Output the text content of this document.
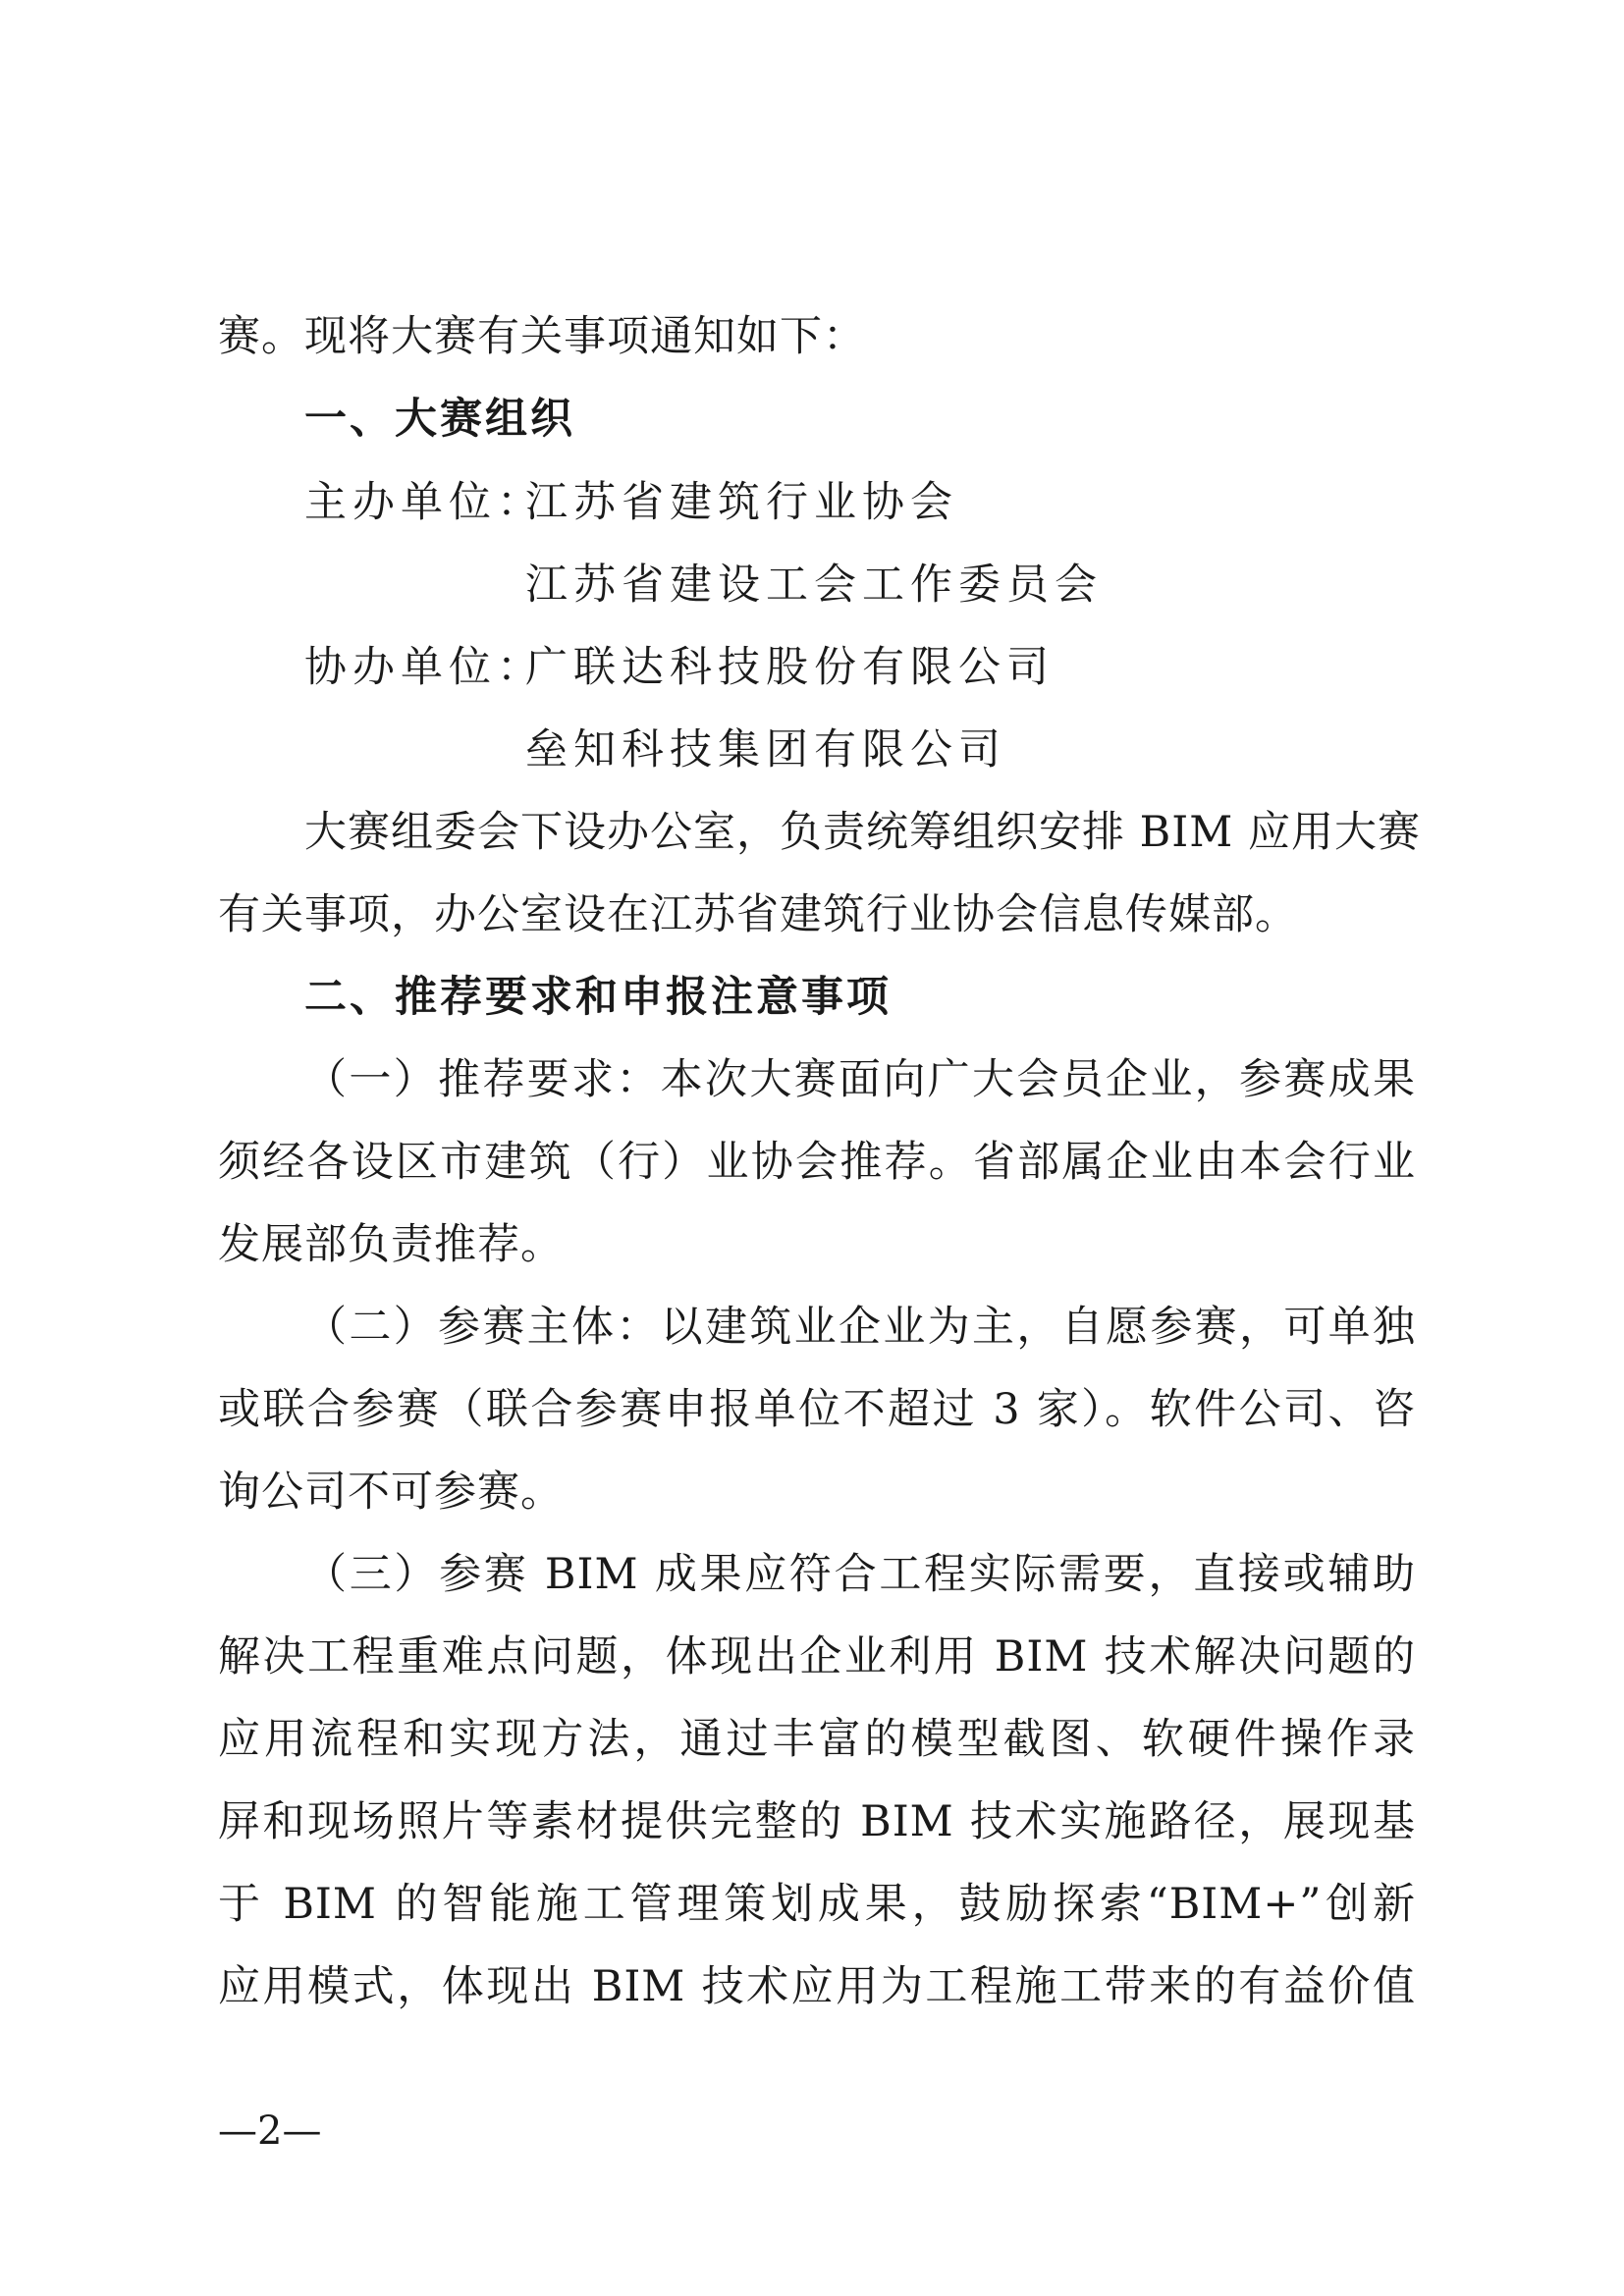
赛。现将大赛有关事项通知如下：
一、大赛组织
主办单位：
江苏省建筑行业协会
江苏省建设工会工作委员会
协办单位：
广联达科技股份有限公司
垒知科技集团有限公司
大赛组委会下设办公室，负责统筹组织安排 BIM 应用大赛
有关事项，办公室设在江苏省建筑行业协会信息传媒部。
二、推荐要求和申报注意事项
（一）推荐要求：本次大赛面向广大会员企业，参赛成果
须经各设区市建筑（行）业协会推荐。省部属企业由本会行业
发展部负责推荐。
（二）参赛主体：以建筑业企业为主，自愿参赛，可单独
或联合参赛（联合参赛申报单位不超过 3 家）。软件公司、咨
询公司不可参赛。
（三）参赛 BIM 成果应符合工程实际需要，直接或辅助
解决工程重难点问题，体现出企业利用 BIM 技术解决问题的
应用流程和实现方法，通过丰富的模型截图、软硬件操作录
屏和现场照片等素材提供完整的 BIM 技术实施路径，展现基
于 BIM 的智能施工管理策划成果，鼓励探索“BIM+”创新
应用模式，体现出 BIM 技术应用为工程施工带来的有益价值
—2—
